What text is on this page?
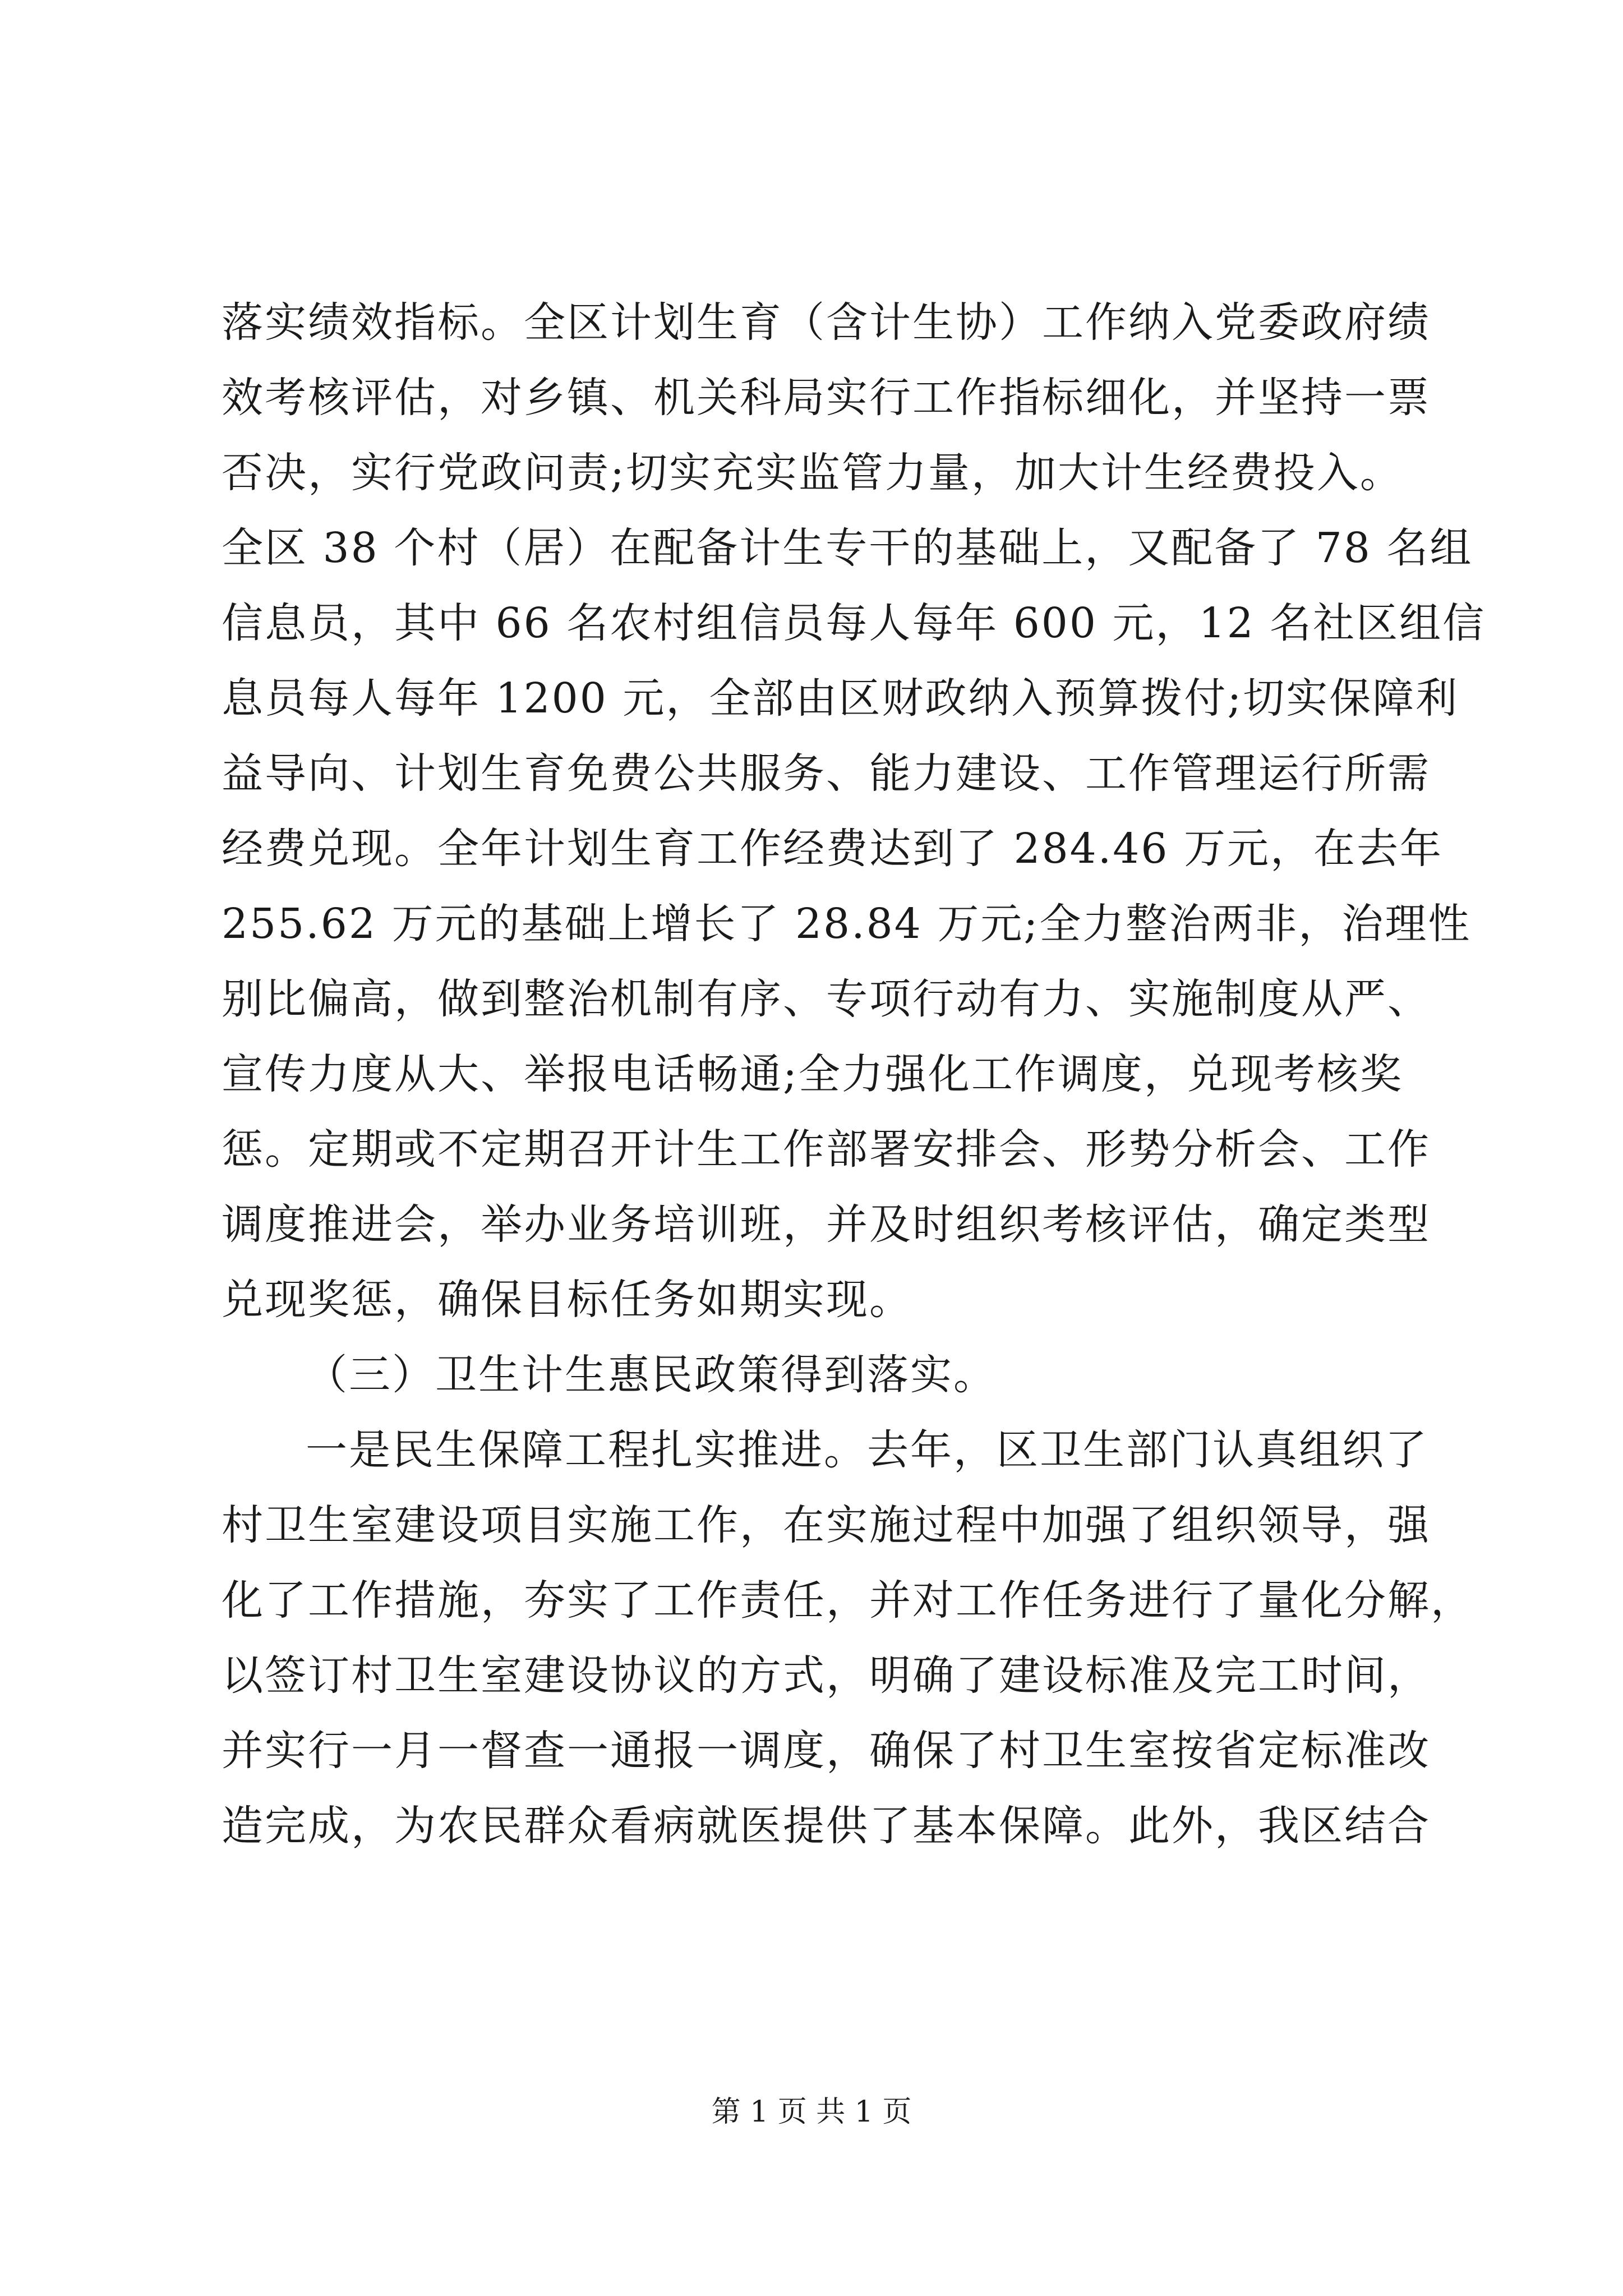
落实绩效指标。全区计划生育（含计生协）工作纳入党委政府绩
效考核评估，对乡镇、机关科局实行工作指标细化，并坚持一票
否决，实行党政问责;切实充实监管力量，加大计生经费投入。
全区 38 个村（居）在配备计生专干的基础上，又配备了 78 名组
信息员，其中 66 名农村组信员每人每年 600 元，12 名社区组信
息员每人每年 1200 元，全部由区财政纳入预算拨付;切实保障利
益导向、计划生育免费公共服务、能力建设、工作管理运行所需
经费兑现。全年计划生育工作经费达到了 284.46 万元，在去年
255.62 万元的基础上增长了 28.84 万元;全力整治两非，治理性
别比偏高，做到整治机制有序、专项行动有力、实施制度从严、
宣传力度从大、举报电话畅通;全力强化工作调度，兑现考核奖
惩。定期或不定期召开计生工作部署安排会、形势分析会、工作
调度推进会，举办业务培训班，并及时组织考核评估，确定类型
兑现奖惩，确保目标任务如期实现。
（三）卫生计生惠民政策得到落实。
一是民生保障工程扎实推进。去年，区卫生部门认真组织了
村卫生室建设项目实施工作，在实施过程中加强了组织领导，强
化了工作措施，夯实了工作责任，并对工作任务进行了量化分解，
以签订村卫生室建设协议的方式，明确了建设标准及完工时间，
并实行一月一督查一通报一调度，确保了村卫生室按省定标准改
造完成，为农民群众看病就医提供了基本保障。此外，我区结合
第 1 页 共 1 页
